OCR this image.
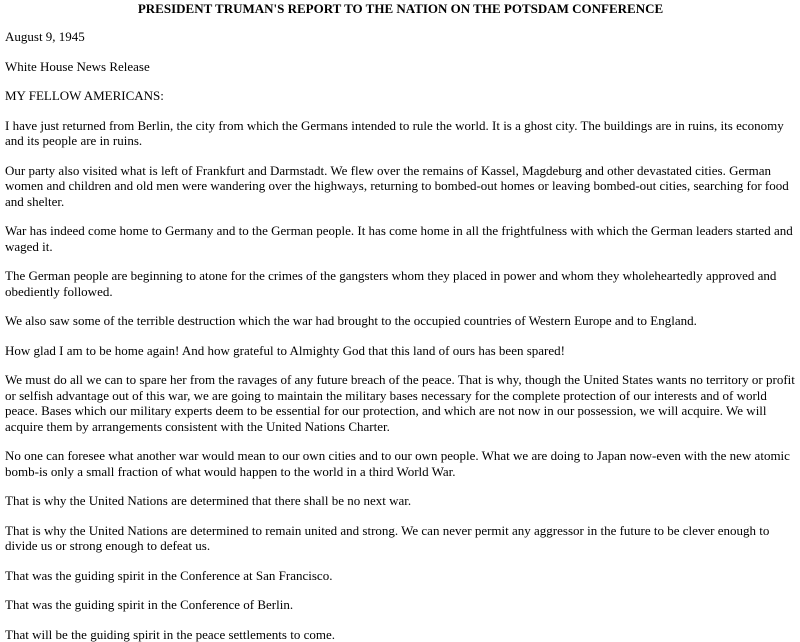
PRESIDENT TRUMAN'S REPORT TO THE NATION ON THE POTSDAM CONFERENCE

August 9, 1945

White House News Release

MY FELLOW AMERICANS:

I have just returned from Berlin, the city from which the Germans intended to rule the world. It is a ghost city. The buildings are in ruins, its economy and its people are in ruins.

Our party also visited what is left of Frankfurt and Darmstadt. We flew over the remains of Kassel, Magdeburg and other devastated cities. German women and children and old men were wandering over the highways, returning to bombed-out homes or leaving bombed-out cities, searching for food and shelter.

War has indeed come home to Germany and to the German people. It has come home in all the frightfulness with which the German leaders started and waged it.

The German people are beginning to atone for the crimes of the gangsters whom they placed in power and whom they wholeheartedly approved and obediently followed.

We also saw some of the terrible destruction which the war had brought to the occupied countries of Western Europe and to England.

How glad I am to be home again! And how grateful to Almighty God that this land of ours has been spared!

We must do all we can to spare her from the ravages of any future breach of the peace. That is why, though the United States wants no territory or profit or selfish advantage out of this war, we are going to maintain the military bases necessary for the complete protection of our interests and of world peace. Bases which our military experts deem to be essential for our protection, and which are not now in our possession, we will acquire. We will acquire them by arrangements consistent with the United Nations Charter.

No one can foresee what another war would mean to our own cities and to our own people. What we are doing to Japan now-even with the new atomic bomb-is only a small fraction of what would happen to the world in a third World War.

That is why the United Nations are determined that there shall be no next war.

That is why the United Nations are determined to remain united and strong. We can never permit any aggressor in the future to be clever enough to divide us or strong enough to defeat us.

That was the guiding spirit in the Conference at San Francisco.

That was the guiding spirit in the Conference of Berlin.

That will be the guiding spirit in the peace settlements to come.
